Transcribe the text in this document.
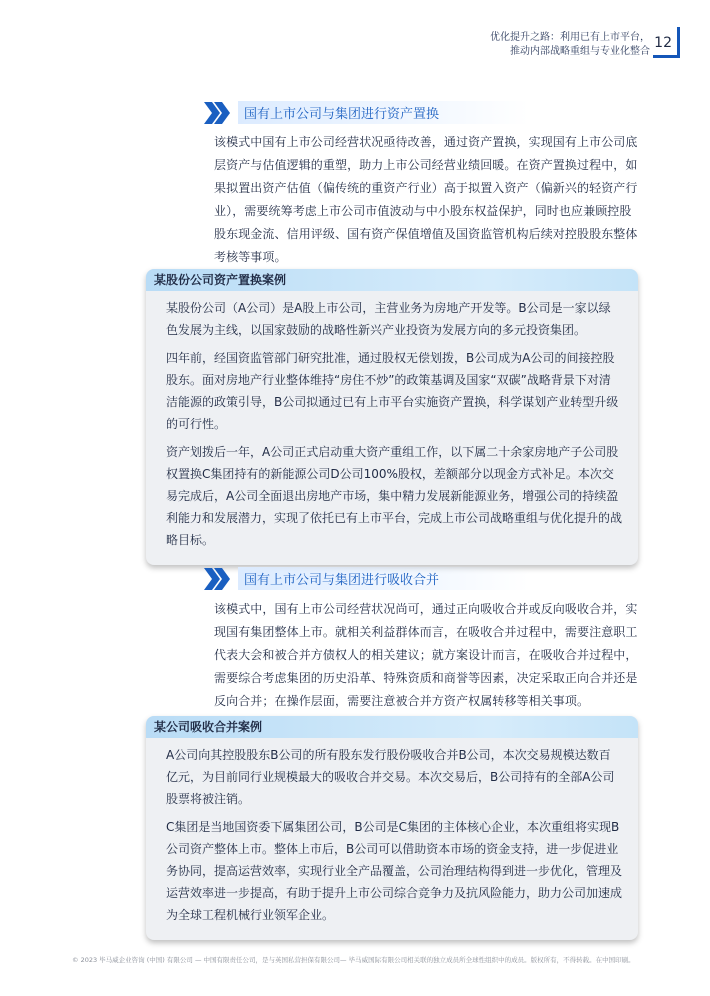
优化提升之路：利用已有上市平台，
推动内部战略重组与专业化整合
12
国有上市公司与集团进行资产置换
该模式中国有上市公司经营状况亟待改善，通过资产置换，实现国有上市公司底层资产与估值逻辑的重塑，助力上市公司经营业绩回暖。在资产置换过程中，如果拟置出资产估值（偏传统的重资产行业）高于拟置入资产（偏新兴的轻资产行业），需要统筹考虑上市公司市值波动与中小股东权益保护，同时也应兼顾控股股东现金流、信用评级、国有资产保值增值及国资监管机构后续对控股股东整体考核等事项。
某股份公司资产置换案例

某股份公司（A公司）是A股上市公司，主营业务为房地产开发等。B公司是一家以绿色发展为主线，以国家鼓励的战略性新兴产业投资为发展方向的多元投资集团。

四年前，经国资监管部门研究批准，通过股权无偿划拨，B公司成为A公司的间接控股股东。面对房地产行业整体维持“房住不炒”的政策基调及国家“双碳”战略背景下对清洁能源的政策引导，B公司拟通过已有上市平台实施资产置换，科学谋划产业转型升级的可行性。

资产划拨后一年，A公司正式启动重大资产重组工作，以下属二十余家房地产子公司股权置换C集团持有的新能源公司D公司100%股权，差额部分以现金方式补足。本次交易完成后，A公司全面退出房地产市场，集中精力发展新能源业务，增强公司的持续盈利能力和发展潜力，实现了依托已有上市平台，完成上市公司战略重组与优化提升的战略目标。

国有上市公司与集团进行吸收合并
该模式中，国有上市公司经营状况尚可，通过正向吸收合并或反向吸收合并，实现国有集团整体上市。就相关利益群体而言，在吸收合并过程中，需要注意职工代表大会和被合并方债权人的相关建议；就方案设计而言，在吸收合并过程中，需要综合考虑集团的历史沿革、特殊资质和商誉等因素，决定采取正向合并还是反向合并；在操作层面，需要注意被合并方资产权属转移等相关事项。
某公司吸收合并案例

A公司向其控股股东B公司的所有股东发行股份吸收合并B公司，本次交易规模达数百亿元，为目前同行业规模最大的吸收合并交易。本次交易后，B公司持有的全部A公司股票将被注销。

C集团是当地国资委下属集团公司，B公司是C集团的主体核心企业，本次重组将实现B公司资产整体上市。整体上市后，B公司可以借助资本市场的资金支持，进一步促进业务协同，提高运营效率，实现行业全产品覆盖，公司治理结构得到进一步优化，管理及运营效率进一步提高，有助于提升上市公司综合竞争力及抗风险能力，助力公司加速成为全球工程机械行业领军企业。

© 2023 毕马威企业咨询 (中国) 有限公司 — 中国有限责任公司，是与英国私营担保有限公司— 毕马威国际有限公司相关联的独立成员所全球性组织中的成员。版权所有，不得转载。在中国印刷。
